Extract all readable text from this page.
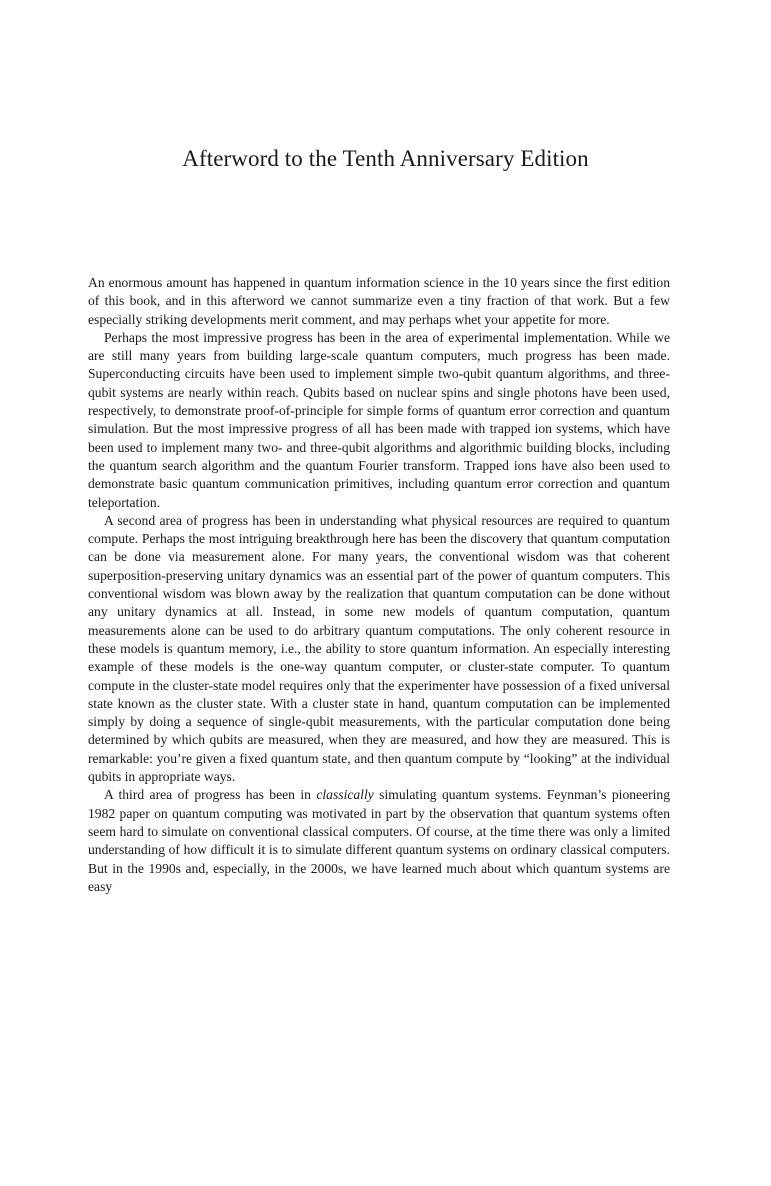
Afterword to the Tenth Anniversary Edition

An enormous amount has happened in quantum information science in the 10 years since the first edition of this book, and in this afterword we cannot summarize even a tiny fraction of that work. But a few especially striking developments merit comment, and may perhaps whet your appetite for more.

Perhaps the most impressive progress has been in the area of experimental implementation. While we are still many years from building large-scale quantum computers, much progress has been made. Superconducting circuits have been used to implement simple two-qubit quantum algorithms, and three-qubit systems are nearly within reach. Qubits based on nuclear spins and single photons have been used, respectively, to demonstrate proof-of-principle for simple forms of quantum error correction and quantum simulation. But the most impressive progress of all has been made with trapped ion systems, which have been used to implement many two- and three-qubit algorithms and algorithmic building blocks, including the quantum search algorithm and the quantum Fourier transform. Trapped ions have also been used to demonstrate basic quantum communication primitives, including quantum error correction and quantum teleportation.

A second area of progress has been in understanding what physical resources are required to quantum compute. Perhaps the most intriguing breakthrough here has been the discovery that quantum computation can be done via measurement alone. For many years, the conventional wisdom was that coherent superposition-preserving unitary dynamics was an essential part of the power of quantum computers. This conventional wisdom was blown away by the realization that quantum computation can be done without any unitary dynamics at all. Instead, in some new models of quantum computation, quantum measurements alone can be used to do arbitrary quantum computations. The only coherent resource in these models is quantum memory, i.e., the ability to store quantum information. An especially interesting example of these models is the one-way quantum computer, or cluster-state computer. To quantum compute in the cluster-state model requires only that the experimenter have possession of a fixed universal state known as the cluster state. With a cluster state in hand, quantum computation can be implemented simply by doing a sequence of single-qubit measurements, with the particular computation done being determined by which qubits are measured, when they are measured, and how they are measured. This is remarkable: you’re given a fixed quantum state, and then quantum compute by “looking” at the individual qubits in appropriate ways.

A third area of progress has been in classically simulating quantum systems. Feynman’s pioneering 1982 paper on quantum computing was motivated in part by the observation that quantum systems often seem hard to simulate on conventional classical computers. Of course, at the time there was only a limited understanding of how difficult it is to simulate different quantum systems on ordinary classical computers. But in the 1990s and, especially, in the 2000s, we have learned much about which quantum systems are easy
